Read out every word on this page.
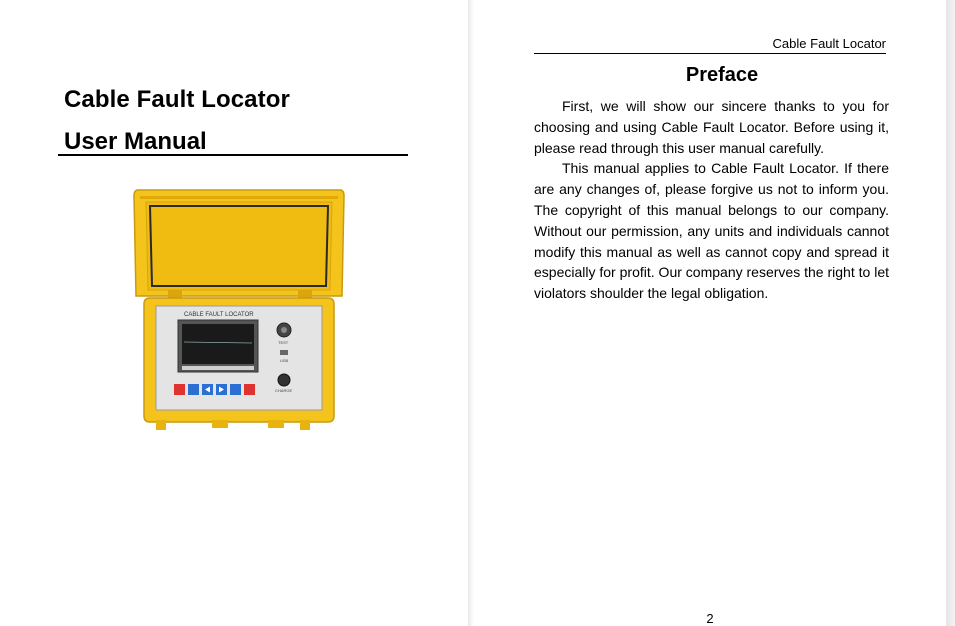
Cable Fault Locator
User Manual
CABLE FAULT LOCATOR
TEST
USB
CHARGE
Cable Fault Locator
Preface

First, we will show our sincere thanks to you for choosing and using Cable Fault Locator. Before using it, please read through this user manual carefully.

This manual applies to Cable Fault Locator. If there are any changes of, please forgive us not to inform you. The copyright of this manual belongs to our company. Without our permission, any units and individuals cannot modify this manual as well as cannot copy and spread it especially for profit. Our company reserves the right to let violators shoulder the legal obligation.

2
